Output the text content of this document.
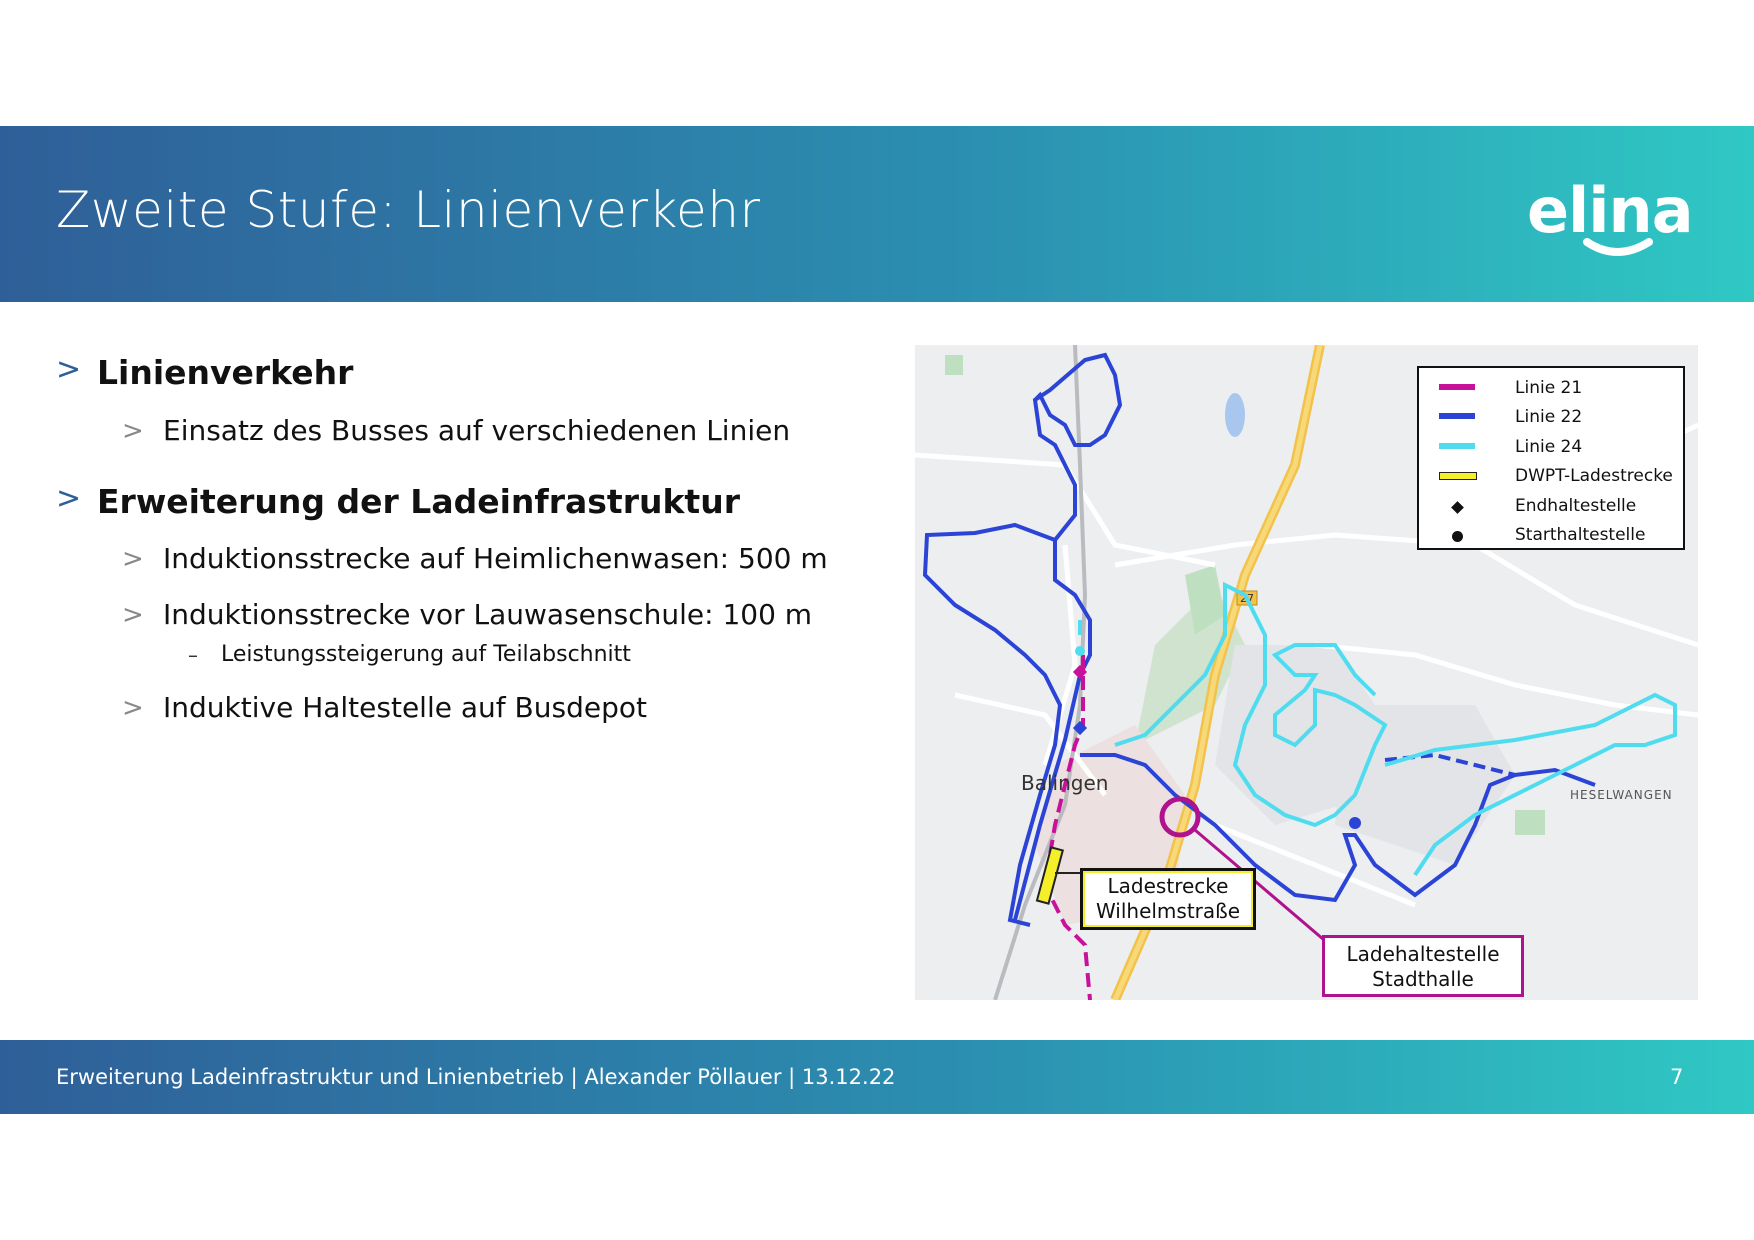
Zweite Stufe: Linienverkehr	elina
> Linienverkehr
> Einsatz des Busses auf verschiedenen Linien
> Erweiterung der Ladeinfrastruktur
> Induktionsstrecke auf Heimlichenwasen: 500 m
> Induktionsstrecke vor Lauwasenschule: 100 m
– Leistungssteigerung auf Teilabschnitt
> Induktive Haltestelle auf Busdepot
27
Balingen	HESELWANGEN
Linie 21
Linie 22
Linie 24
DWPT-Ladestrecke
Endhaltestelle
Starthaltestelle
Ladestrecke
Wilhelmstraße
Ladehaltestelle
Stadthalle
Erweiterung Ladeinfrastruktur und Linienbetrieb | Alexander Pöllauer | 13.12.22	7
